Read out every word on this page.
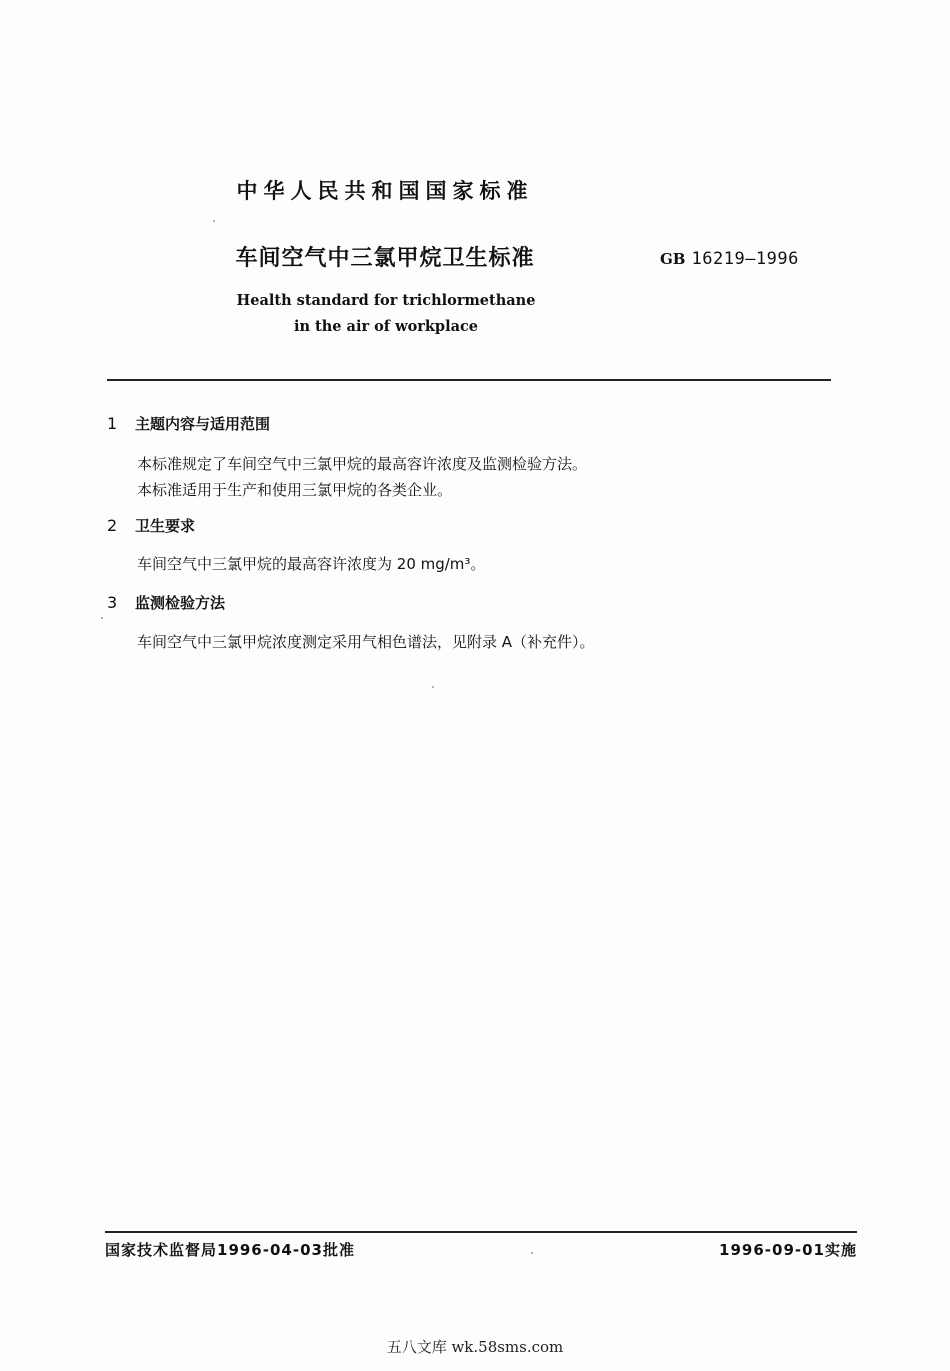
中华人民共和国国家标准
车间空气中三氯甲烷卫生标准	GB 16219—1996
Health standard for trichlormethane
in the air of workplace
1 主题内容与适用范围
本标准规定了车间空气中三氯甲烷的最高容许浓度及监测检验方法。
本标准适用于生产和使用三氯甲烷的各类企业。
2 卫生要求
车间空气中三氯甲烷的最高容许浓度为 20 mg/m³。
3 监测检验方法
车间空气中三氯甲烷浓度测定采用气相色谱法，见附录 A（补充件）。
国家技术监督局1996-04-03批准	1996-09-01实施
五八文库 wk.58sms.com
